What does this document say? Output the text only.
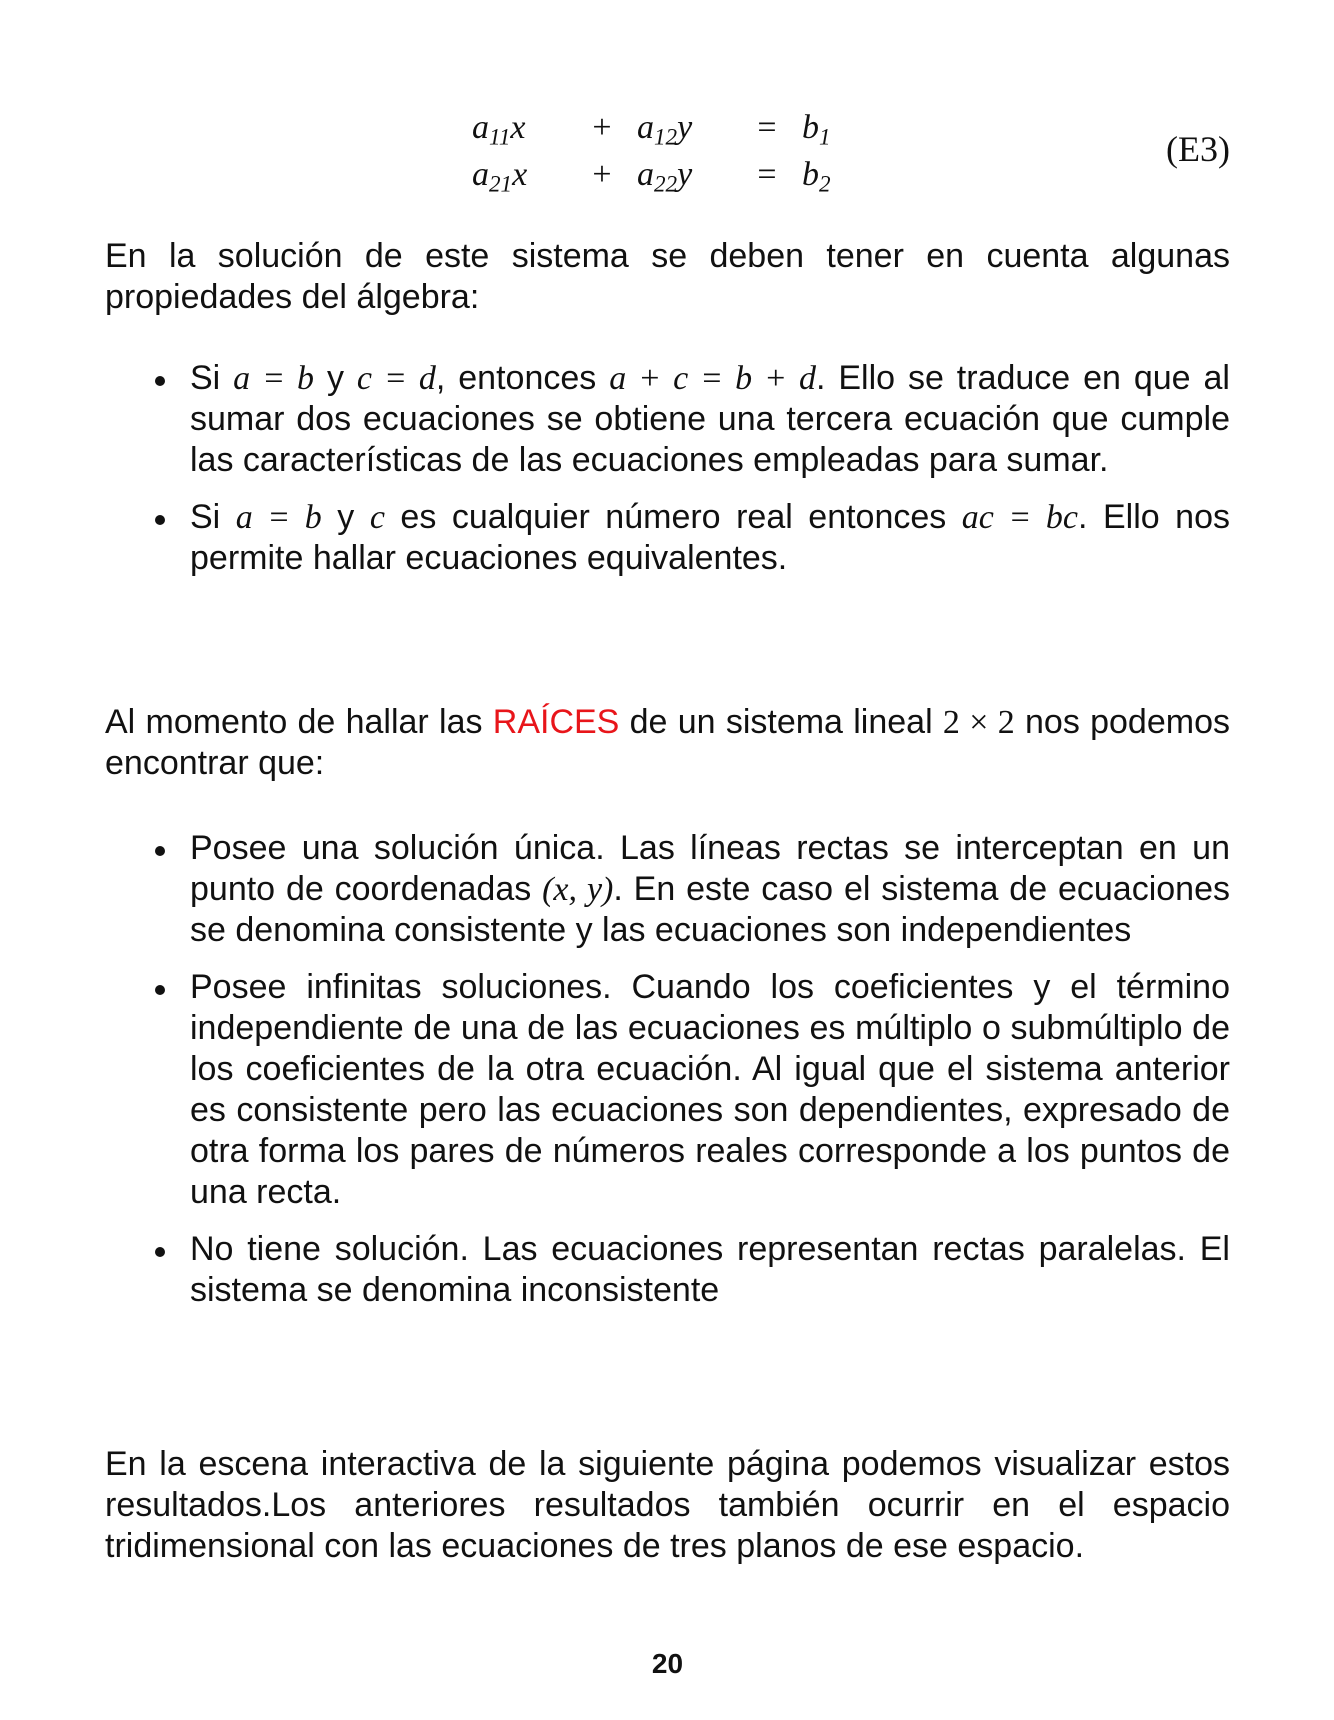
$a_{11}x$	+ $a_{12}y$	= $b_1$
$a_{21}x$	+ $a_{22}y$	= $b_2$
(E3)

En la solución de este sistema se deben tener en cuenta algunas propiedades del álgebra:

Si a = b y c = d, entonces a + c = b + d. Ello se traduce en que al sumar dos ecuaciones se obtiene una tercera ecuación que cumple las características de las ecuaciones empleadas para sumar.
Si a = b y c es cualquier número real entonces ac = bc. Ello nos permite hallar ecuaciones equivalentes.

Al momento de hallar las RAÍCES de un sistema lineal 2 × 2 nos podemos encontrar que:

Posee una solución única. Las líneas rectas se interceptan en un punto de coordenadas (x, y). En este caso el sistema de ecuaciones se denomina consistente y las ecuaciones son independientes
Posee infinitas soluciones. Cuando los coeficientes y el término independiente de una de las ecuaciones es múltiplo o submúltiplo de los coeficientes de la otra ecuación. Al igual que el sistema anterior es consistente pero las ecuaciones son dependientes, expresado de otra forma los pares de números reales corresponde a los puntos de una recta.
No tiene solución. Las ecuaciones representan rectas paralelas. El sistema se denomina inconsistente

En la escena interactiva de la siguiente página podemos visualizar estos resultados.Los anteriores resultados también ocurrir en el espacio tridimensional con las ecuaciones de tres planos de ese espacio.

20
